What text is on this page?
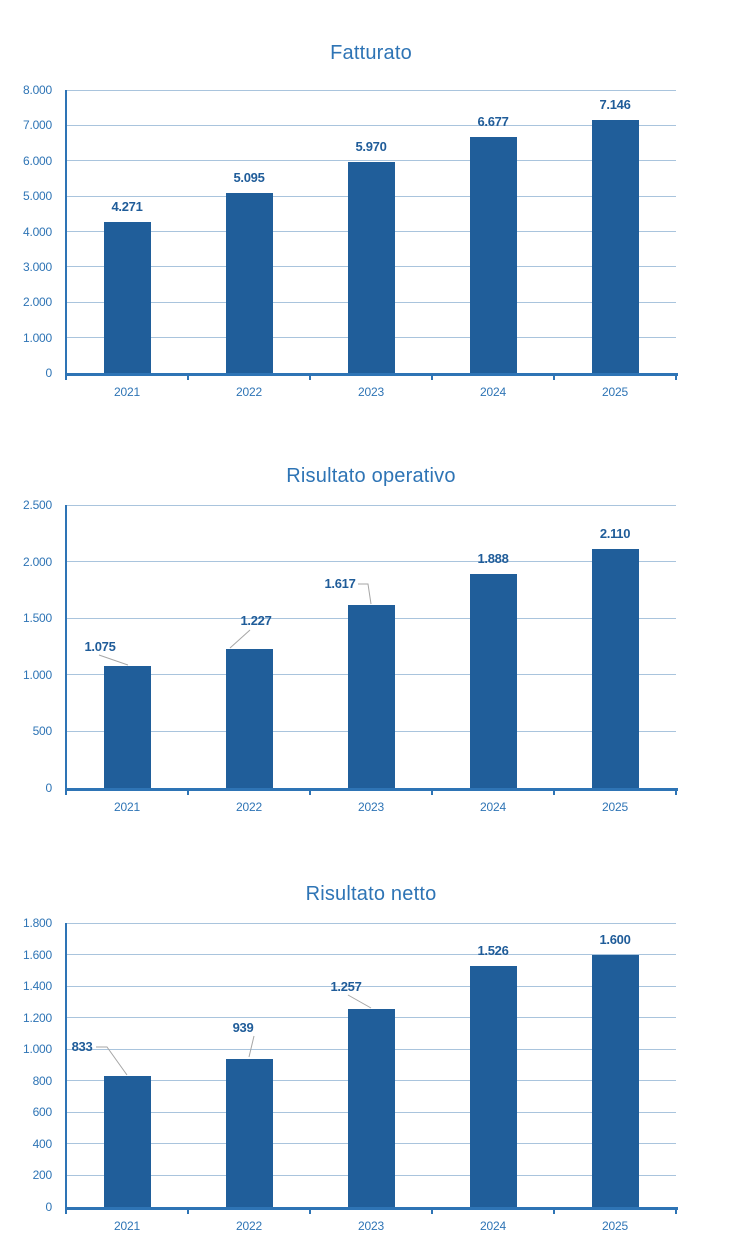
Fatturato
Risultato operativo
Risultato netto
0
1.000
2.000
3.000
4.000
5.000
6.000
7.000
8.000
2021
4.271
2022
5.095
2023
5.970
2024
6.677
2025
7.146
0
500
1.000
1.500
2.000
2.500
2021
1.075
2022
1.227
2023
1.617
2024
1.888
2025
2.110
0
200
400
600
800
1.000
1.200
1.400
1.600
1.800
2021
833
2022
939
2023
1.257
2024
1.526
2025
1.600
